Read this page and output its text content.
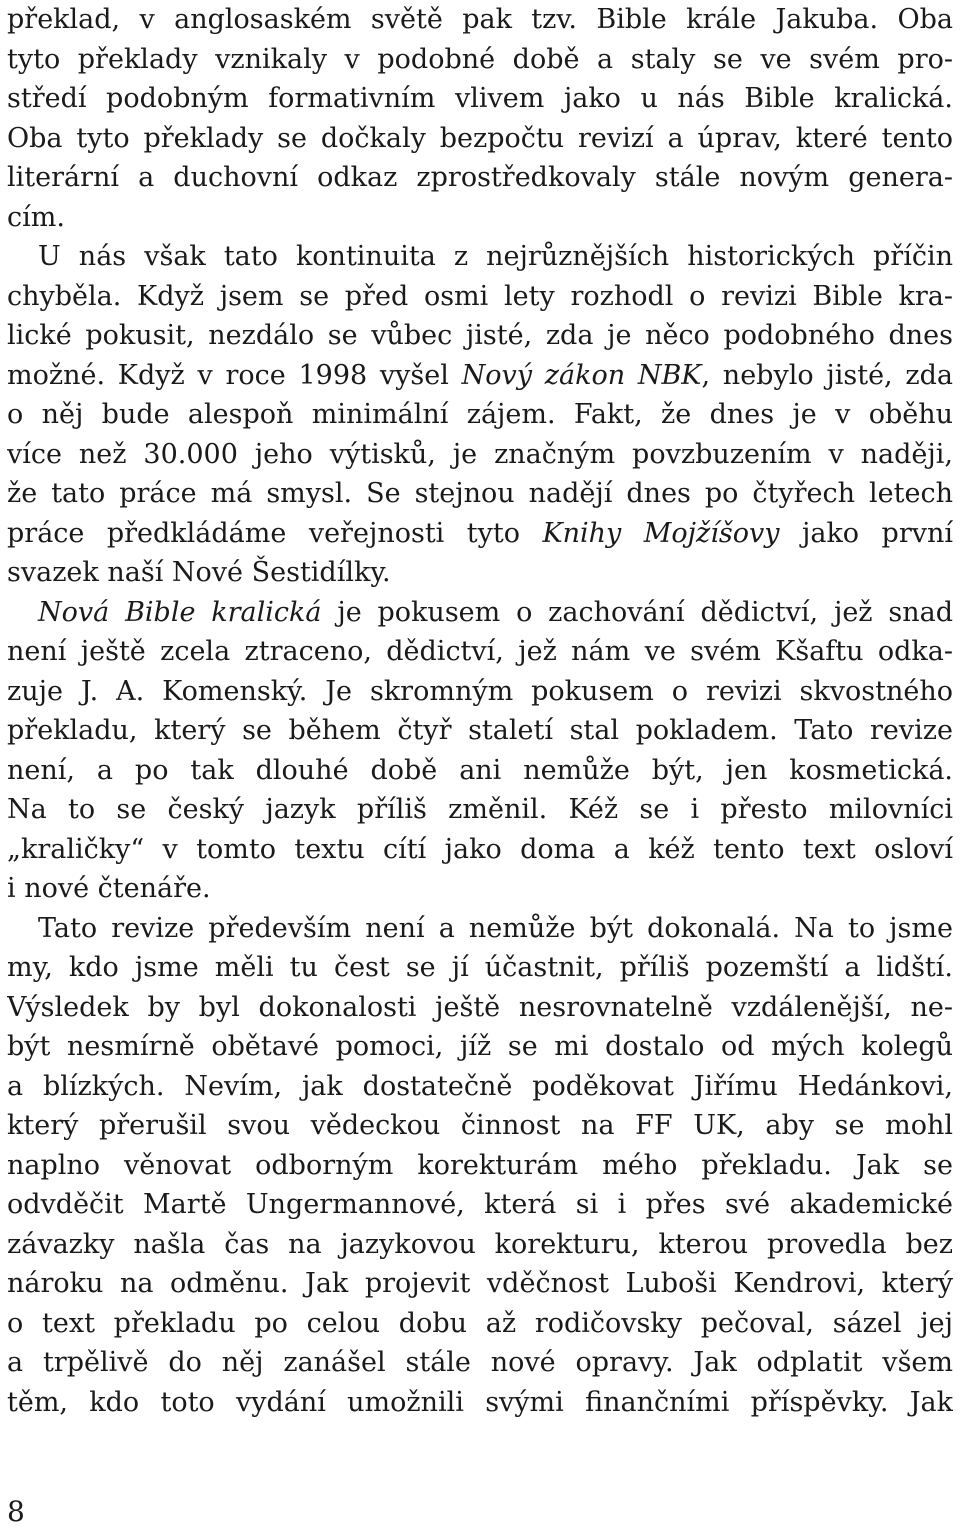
překlad, v anglosaském světě pak tzv. Bible krále Jakuba. Oba
tyto překlady vznikaly v podobné době a staly se ve svém pro-
středí podobným formativním vlivem jako u nás Bible kralická.
Oba tyto překlady se dočkaly bezpočtu revizí a úprav, které tento
literární a duchovní odkaz zprostředkovaly stále novým genera-
cím.
U nás však tato kontinuita z nejrůznějších historických příčin
chyběla. Když jsem se před osmi lety rozhodl o revizi Bible kra-
lické pokusit, nezdálo se vůbec jisté, zda je něco podobného dnes
možné. Když v roce 1998 vyšel Nový zákon NBK, nebylo jisté, zda
o něj bude alespoň minimální zájem. Fakt, že dnes je v oběhu
více než 30.000 jeho výtisků, je značným povzbuzením v naději,
že tato práce má smysl. Se stejnou nadějí dnes po čtyřech letech
práce předkládáme veřejnosti tyto Knihy Mojžíšovy jako první
svazek naší Nové Šestidílky.
Nová Bible kralická je pokusem o zachování dědictví, jež snad
není ještě zcela ztraceno, dědictví, jež nám ve svém Kšaftu odka-
zuje J. A. Komenský. Je skromným pokusem o revizi skvostného
překladu, který se během čtyř staletí stal pokladem. Tato revize
není, a po tak dlouhé době ani nemůže být, jen kosmetická.
Na to se český jazyk příliš změnil. Kéž se i přesto milovníci
„kraličky“ v tomto textu cítí jako doma a kéž tento text osloví
i nové čtenáře.
Tato revize především není a nemůže být dokonalá. Na to jsme
my, kdo jsme měli tu čest se jí účastnit, příliš pozemští a lidští.
Výsledek by byl dokonalosti ještě nesrovnatelně vzdálenější, ne-
být nesmírně obětavé pomoci, jíž se mi dostalo od mých kolegů
a blízkých. Nevím, jak dostatečně poděkovat Jiřímu Hedánkovi,
který přerušil svou vědeckou činnost na FF UK, aby se mohl
naplno věnovat odborným korekturám mého překladu. Jak se
odvděčit Martě Ungermannové, která si i přes své akademické
závazky našla čas na jazykovou korekturu, kterou provedla bez
nároku na odměnu. Jak projevit vděčnost Luboši Kendrovi, který
o text překladu po celou dobu až rodičovsky pečoval, sázel jej
a trpělivě do něj zanášel stále nové opravy. Jak odplatit všem
těm, kdo toto vydání umožnili svými finančními příspěvky. Jak
8
